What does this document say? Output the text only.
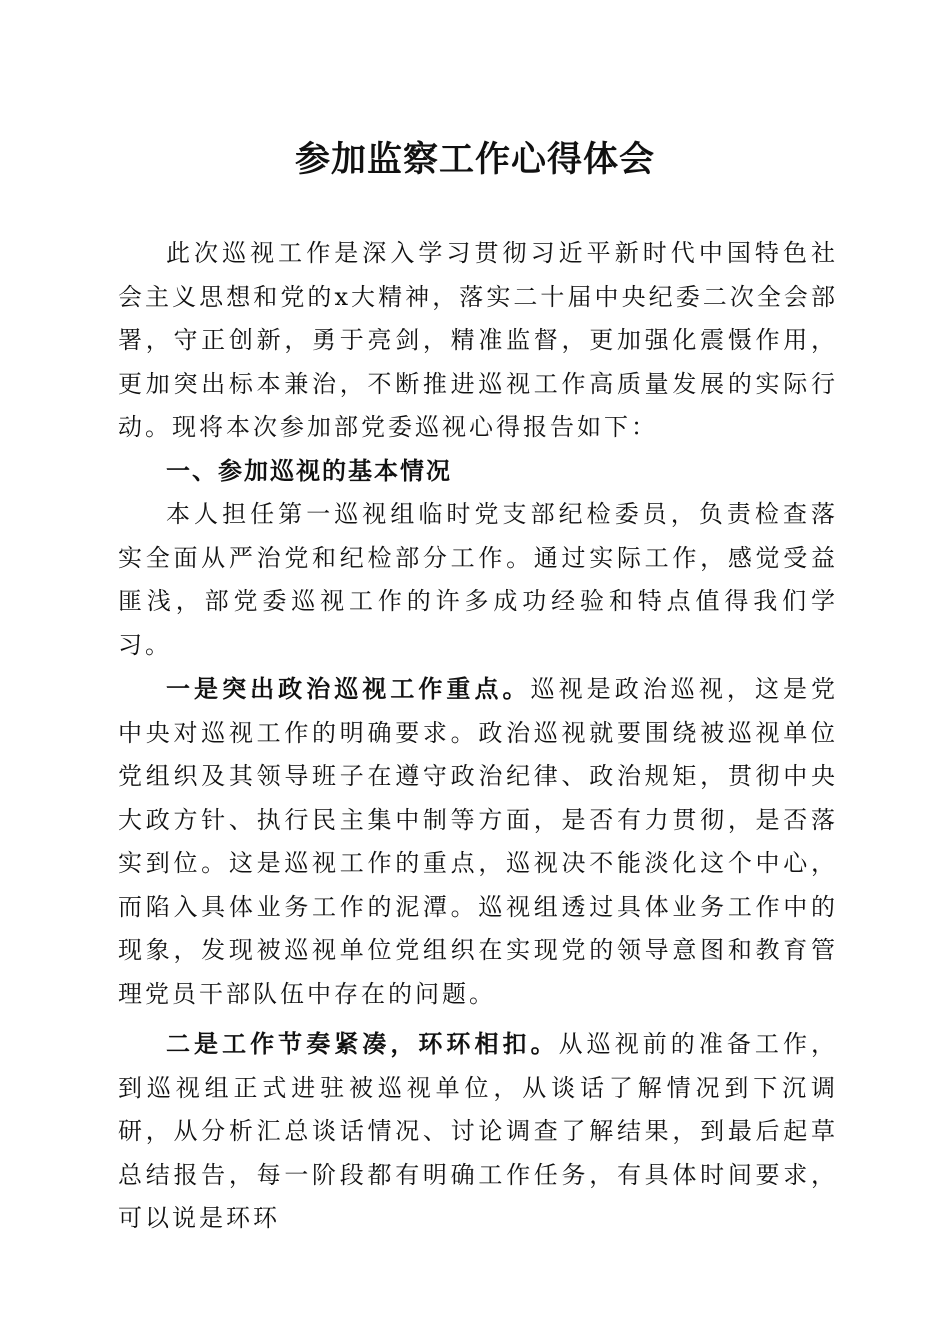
参加监察工作心得体会

此次巡视工作是深入学习贯彻习近平新时代中国特色社会主义思想和党的x大精神，落实二十届中央纪委二次全会部署，守正创新，勇于亮剑，精准监督，更加强化震慑作用，更加突出标本兼治，不断推进巡视工作高质量发展的实际行动。现将本次参加部党委巡视心得报告如下：

一、参加巡视的基本情况

本人担任第一巡视组临时党支部纪检委员，负责检查落实全面从严治党和纪检部分工作。通过实际工作，感觉受益匪浅，部党委巡视工作的许多成功经验和特点值得我们学习。

一是突出政治巡视工作重点。巡视是政治巡视，这是党中央对巡视工作的明确要求。政治巡视就要围绕被巡视单位党组织及其领导班子在遵守政治纪律、政治规矩，贯彻中央大政方针、执行民主集中制等方面，是否有力贯彻，是否落实到位。这是巡视工作的重点，巡视决不能淡化这个中心，而陷入具体业务工作的泥潭。巡视组透过具体业务工作中的现象，发现被巡视单位党组织在实现党的领导意图和教育管理党员干部队伍中存在的问题。

二是工作节奏紧凑，环环相扣。从巡视前的准备工作，到巡视组正式进驻被巡视单位，从谈话了解情况到下沉调研，从分析汇总谈话情况、讨论调查了解结果，到最后起草总结报告，每一阶段都有明确工作任务，有具体时间要求，可以说是环环
